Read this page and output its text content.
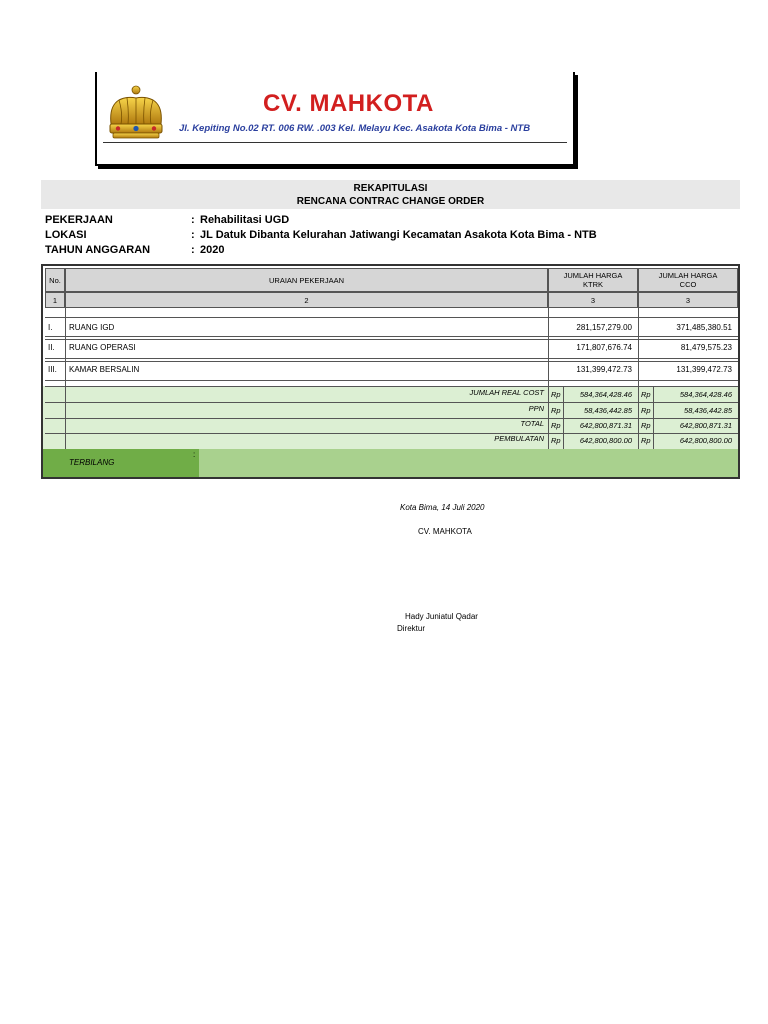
CV. MAHKOTA
Jl. Kepiting No.02 RT. 006 RW. .003 Kel. Melayu Kec. Asakota Kota Bima - NTB
REKAPITULASI
RENCANA CONTRAC CHANGE ORDER
PEKERJAAN	: Rehabilitasi UGD
LOKASI	: JL Datuk Dibanta Kelurahan Jatiwangi Kecamatan Asakota Kota Bima - NTB
TAHUN ANGGARAN	: 2020
No.	URAIAN PEKERJAAN	JUMLAH HARGA
KTRK
JUMLAH HARGA
CCO
1	2	3	3
I. RUANG IGD	281,157,279.00	371,485,380.51
II. RUANG OPERASI	171,807,676.74	81,479,575.23
III. KAMAR BERSALIN	131,399,472.73	131,399,472.73
JUMLAH REAL COST Rp	584,364,428.46	Rp	584,364,428.46
PPN Rp	58,436,442.85	Rp	58,436,442.85
TOTAL Rp	642,800,871.31	Rp	642,800,871.31
PEMBULATAN Rp	642,800,800.00	Rp	642,800,800.00
TERBILANG
:
Kota Bima, 14 Juli 2020
CV. MAHKOTA
Hady Juniatul Qadar
Direktur
